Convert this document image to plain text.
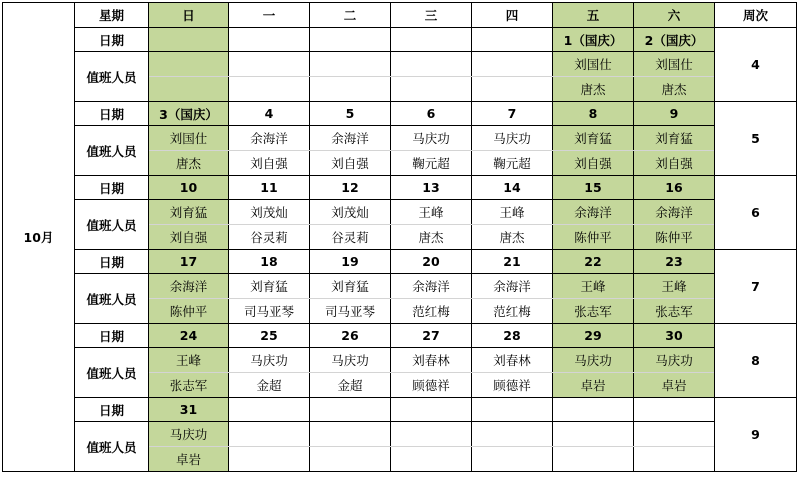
10月	星期	日	一	二	三	四	五	六	周次
	日期						1（国庆）	2（国庆）	4
	值班人员						刘国仕	刘国仕	
							唐杰	唐杰	
	日期	3（国庆）	4	5	6	7	8	9	5
	值班人员	刘国仕	余海洋	余海洋	马庆功	马庆功	刘育猛	刘育猛	
		唐杰	刘自强	刘自强	鞠元超	鞠元超	刘自强	刘自强	
	日期	10	11	12	13	14	15	16	6
	值班人员	刘育猛	刘茂灿	刘茂灿	王峰	王峰	余海洋	余海洋	
		刘自强	谷灵莉	谷灵莉	唐杰	唐杰	陈仲平	陈仲平	
	日期	17	18	19	20	21	22	23	7
	值班人员	余海洋	刘育猛	刘育猛	余海洋	余海洋	王峰	王峰	
		陈仲平	司马亚琴	司马亚琴	范红梅	范红梅	张志军	张志军	
	日期	24	25	26	27	28	29	30	8
	值班人员	王峰	马庆功	马庆功	刘春林	刘春林	马庆功	马庆功	
		张志军	金超	金超	顾德祥	顾德祥	卓岩	卓岩	
	日期	31							9
	值班人员	马庆功							
		卓岩							
